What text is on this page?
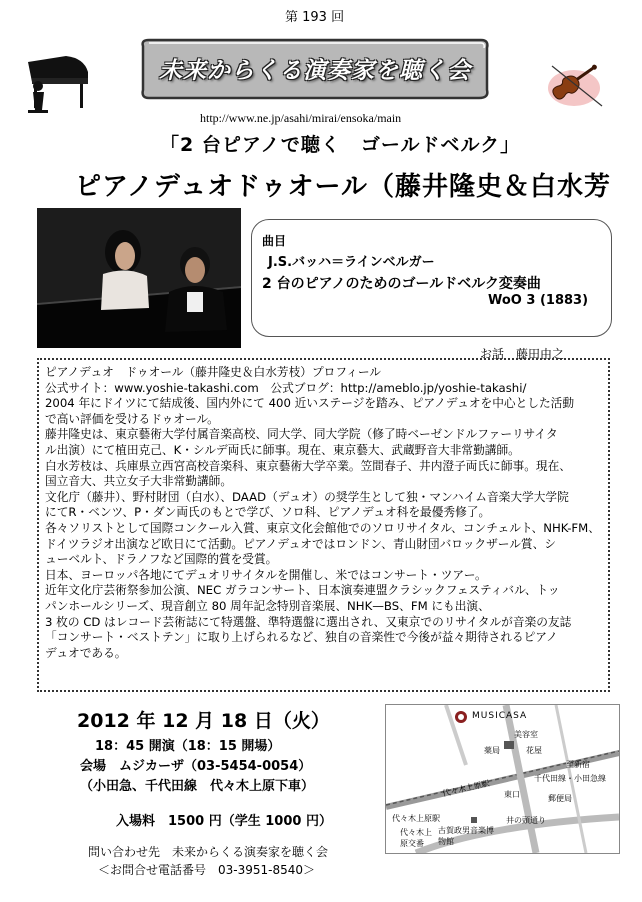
第 193 回
未来からくる演奏家を聴く会
http://www.ne.jp/asahi/mirai/ensoka/main
「2 台ピアノで聴く　ゴールドベルク」
ピアノデュオドゥオール（藤井隆史＆白水芳
曲目
J.S.バッハ＝ラインベルガー
2 台のピアノのためのゴールドベルク変奏曲
WoO 3 (1883)
お話　藤田由之
ピアノデュオ　ドゥオール（藤井隆史＆白水芳枝）プロフィール
公式サイト：www.yoshie-takashi.com　公式ブログ：http://ameblo.jp/yoshie-takashi/
2004 年にドイツにて結成後、国内外にて 400 近いステージを踏み、ピアノデュオを中心とした活動
で高い評価を受けるドゥオール。
藤井隆史は、東京藝術大学付属音楽高校、同大学、同大学院（修了時ベーゼンドルファーリサイタ
ル出演）にて植田克己、K・シルデ両氏に師事。現在、東京藝大、武蔵野音大非常勤講師。
白水芳枝は、兵庫県立西宮高校音楽科、東京藝術大学卒業。笠間春子、井内澄子両氏に師事。現在、
国立音大、共立女子大非常勤講師。
文化庁（藤井）、野村財団（白水）、DAAD（デュオ）の奨学生として独・マンハイム音楽大学大学院
にてR・ベンツ、P・ダン両氏のもとで学び、ソロ科、ピアノデュオ科を最優秀修了。
各々ソリストとして国際コンクール入賞、東京文化会館他でのソロリサイタル、コンチェルト、NHK-FM、
ドイツラジオ出演など欧日にて活動。ピアノデュオではロンドン、青山財団バロックザール賞、シ
ューベルト、ドラノフなど国際的賞を受賞。
日本、ヨーロッパ各地にてデュオリサイタルを開催し、米ではコンサート・ツアー。
近年文化庁芸術祭参加公演、NEC ガラコンサート、日本演奏連盟クラシックフェスティバル、トッ
パンホールシリーズ、現音創立 80 周年記念特別音楽展、NHK—BS、FM にも出演、
3 枚の CD はレコード芸術誌にて特選盤、準特選盤に選出され、又東京でのリサイタルが音楽の友誌
「コンサート・ベストテン」に取り上げられるなど、独自の音楽性で今後が益々期待されるピアノ
デュオである。
2012 年 12 月 18 日（火）
18：45 開演（18：15 開場）
会場　ムジカーザ（03-5454-0054）
（小田急、千代田線　代々木上原下車）
入場料　1500 円（学生 1000 円）
問い合わせ先　未来からくる演奏家を聴く会
＜お問合せ電話番号　03-3951-8540＞
MUSICASA
美容室
薬局	花屋
至新宿
千代田線・小田急線
東口	郵便局
代々木上原駅
代々木上原駅
井の頭通り
古賀政男音楽博物館
代々木上原交番
